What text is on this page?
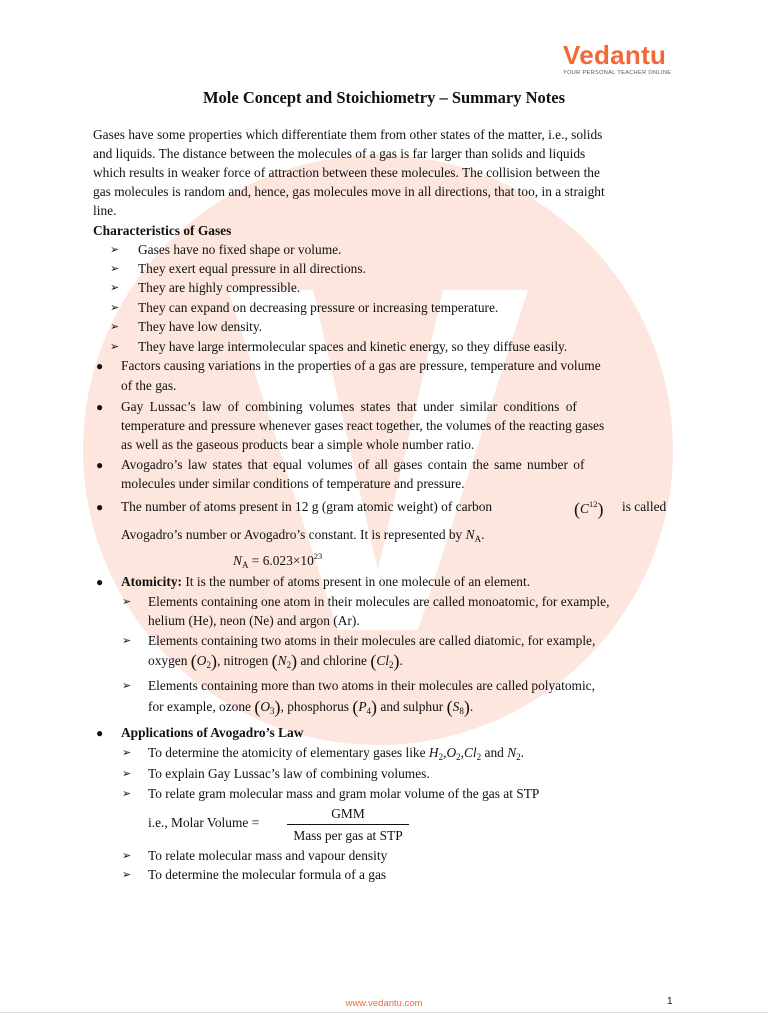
Vedantu
YOUR PERSONAL TEACHER ONLINE
Mole Concept and Stoichiometry – Summary Notes
Gases have some properties which differentiate them from other states of the matter, i.e., solids
and liquids. The distance between the molecules of a gas is far larger than solids and liquids
which results in weaker force of attraction between these molecules. The collision between the
gas molecules is random and, hence, gas molecules move in all directions, that too, in a straight
line.
Characteristics of Gases
➢ Gases have no fixed shape or volume.
➢ They exert equal pressure in all directions.
➢ They are highly compressible.
➢ They can expand on decreasing pressure or increasing temperature.
➢ They have low density.
➢ They have large intermolecular spaces and kinetic energy, so they diffuse easily.
● Factors causing variations in the properties of a gas are pressure, temperature and volume
of the gas.
● Gay Lussac’s law of combining volumes states that under similar conditions of
temperature and pressure whenever gases react together, the volumes of the reacting gases
as well as the gaseous products bear a simple whole number ratio.
● Avogadro’s law states that equal volumes of all gases contain the same number of
molecules under similar conditions of temperature and pressure.
● The number of atoms present in 12 g (gram atomic weight) of carbon	$(C^{12})$ is called
Avogadro’s number or Avogadro’s constant. It is represented by $N_A$.
$N_A = 6.023\times 10^{23}$
● Atomicity: It is the number of atoms present in one molecule of an element.
➢ Elements containing one atom in their molecules are called monoatomic, for example,
helium (He), neon (Ne) and argon (Ar).
➢ Elements containing two atoms in their molecules are called diatomic, for example,
oxygen $(O_2)$, nitrogen $(N_2)$ and chlorine $(Cl_2)$.
➢ Elements containing more than two atoms in their molecules are called polyatomic,
for example, ozone $(O_3)$, phosphorus $(P_4)$ and sulphur $(S_8)$.
● Applications of Avogadro’s Law
➢ To determine the atomicity of elementary gases like $H_2,O_2,Cl_2$ and $N_2$.
➢ To explain Gay Lussac’s law of combining volumes.
➢ To relate gram molecular mass and gram molar volume of the gas at STP
i.e., Molar Volume =
GMM
Mass per gas at STP
➢ To relate molecular mass and vapour density
➢ To determine the molecular formula of a gas
www.vedantu.com	1
